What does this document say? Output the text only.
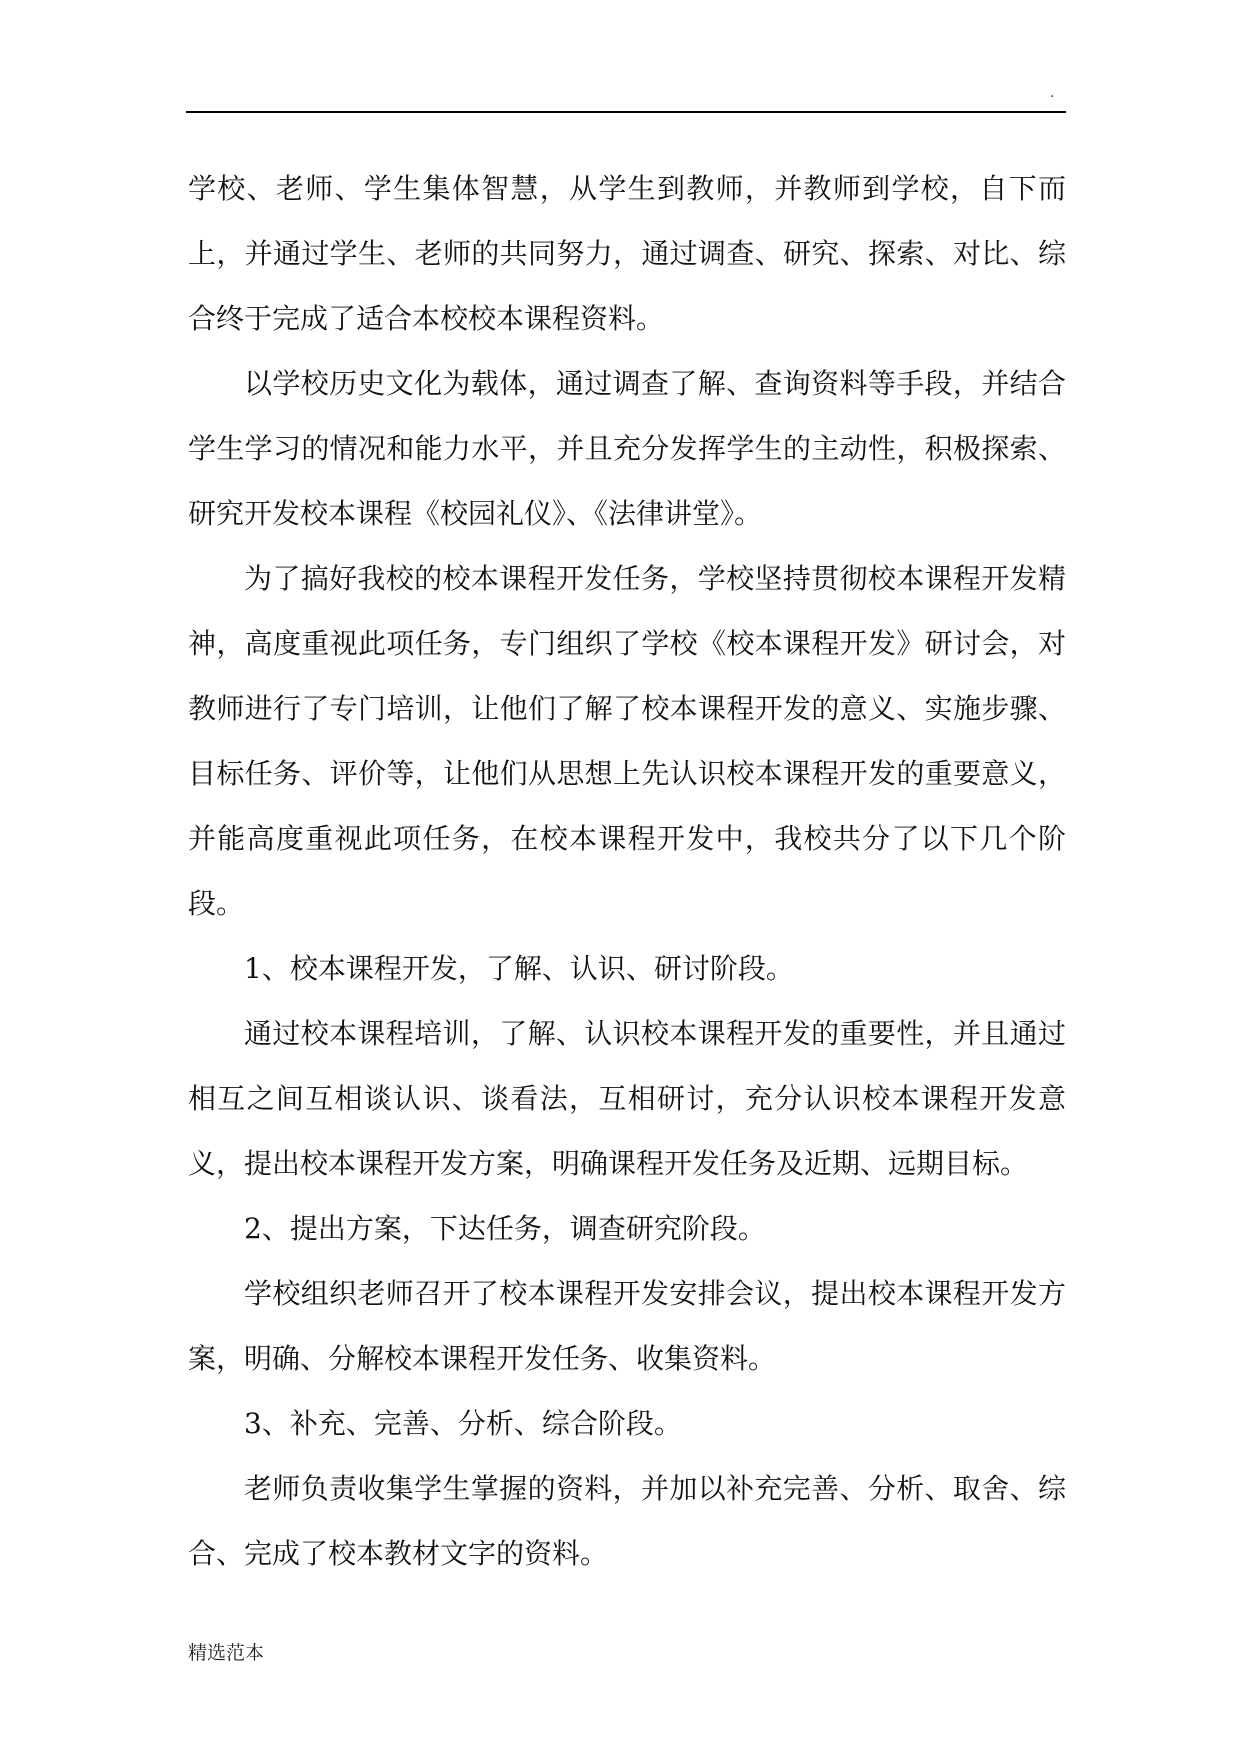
.

学校、老师、学生集体智慧，从学生到教师，并教师到学校，自下而上，并通过学生、老师的共同努力，通过调查、研究、探索、对比、综合终于完成了适合本校校本课程资料。

以学校历史文化为载体，通过调查了解、查询资料等手段，并结合学生学习的情况和能力水平，并且充分发挥学生的主动性，积极探索、研究开发校本课程《校园礼仪》、《法律讲堂》。

为了搞好我校的校本课程开发任务，学校坚持贯彻校本课程开发精神，高度重视此项任务，专门组织了学校《校本课程开发》研讨会，对教师进行了专门培训，让他们了解了校本课程开发的意义、实施步骤、目标任务、评价等，让他们从思想上先认识校本课程开发的重要意义，并能高度重视此项任务，在校本课程开发中，我校共分了以下几个阶段。

1、校本课程开发，了解、认识、研讨阶段。

通过校本课程培训，了解、认识校本课程开发的重要性，并且通过相互之间互相谈认识、谈看法，互相研讨，充分认识校本课程开发意义，提出校本课程开发方案，明确课程开发任务及近期、远期目标。

2、提出方案，下达任务，调查研究阶段。

学校组织老师召开了校本课程开发安排会议，提出校本课程开发方案，明确、分解校本课程开发任务、收集资料。

3、补充、完善、分析、综合阶段。

老师负责收集学生掌握的资料，并加以补充完善、分析、取舍、综合、完成了校本教材文字的资料。

精选范本
